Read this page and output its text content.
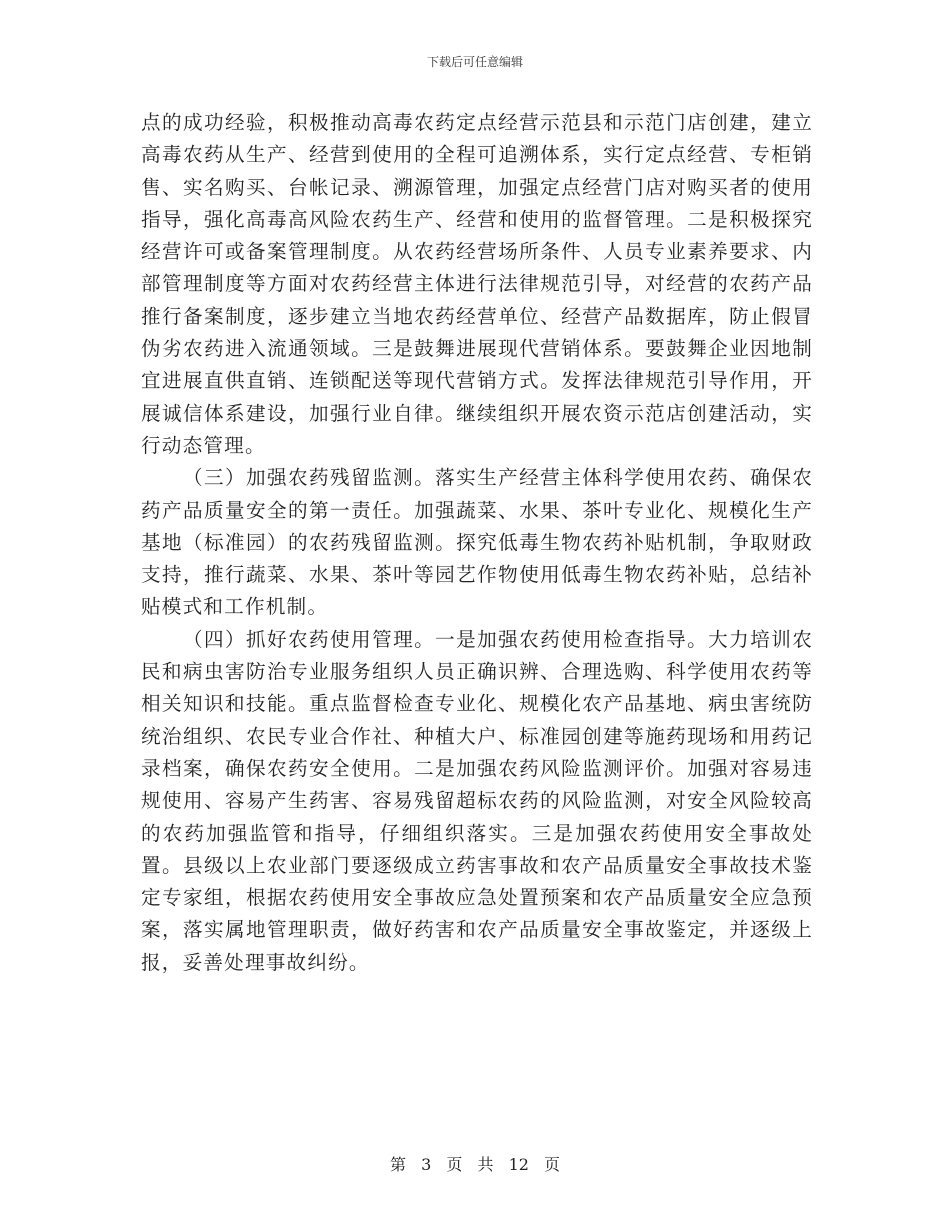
下载后可任意编辑

点的成功经验，积极推动高毒农药定点经营示范县和示范门店创建，建立高毒农药从生产、经营到使用的全程可追溯体系，实行定点经营、专柜销售、实名购买、台帐记录、溯源管理，加强定点经营门店对购买者的使用指导，强化高毒高风险农药生产、经营和使用的监督管理。二是积极探究经营许可或备案管理制度。从农药经营场所条件、人员专业素养要求、内部管理制度等方面对农药经营主体进行法律规范引导，对经营的农药产品推行备案制度，逐步建立当地农药经营单位、经营产品数据库，防止假冒伪劣农药进入流通领域。三是鼓舞进展现代营销体系。要鼓舞企业因地制宜进展直供直销、连锁配送等现代营销方式。发挥法律规范引导作用，开展诚信体系建设，加强行业自律。继续组织开展农资示范店创建活动，实行动态管理。

（三）加强农药残留监测。落实生产经营主体科学使用农药、确保农药产品质量安全的第一责任。加强蔬菜、水果、茶叶专业化、规模化生产基地（标准园）的农药残留监测。探究低毒生物农药补贴机制，争取财政支持，推行蔬菜、水果、茶叶等园艺作物使用低毒生物农药补贴，总结补贴模式和工作机制。

（四）抓好农药使用管理。一是加强农药使用检查指导。大力培训农民和病虫害防治专业服务组织人员正确识辨、合理选购、科学使用农药等相关知识和技能。重点监督检查专业化、规模化农产品基地、病虫害统防统治组织、农民专业合作社、种植大户、标准园创建等施药现场和用药记录档案，确保农药安全使用。二是加强农药风险监测评价。加强对容易违规使用、容易产生药害、容易残留超标农药的风险监测，对安全风险较高的农药加强监管和指导，仔细组织落实。三是加强农药使用安全事故处置。县级以上农业部门要逐级成立药害事故和农产品质量安全事故技术鉴定专家组，根据农药使用安全事故应急处置预案和农产品质量安全应急预案，落实属地管理职责，做好药害和农产品质量安全事故鉴定，并逐级上报，妥善处理事故纠纷。

第 3 页 共 12 页
